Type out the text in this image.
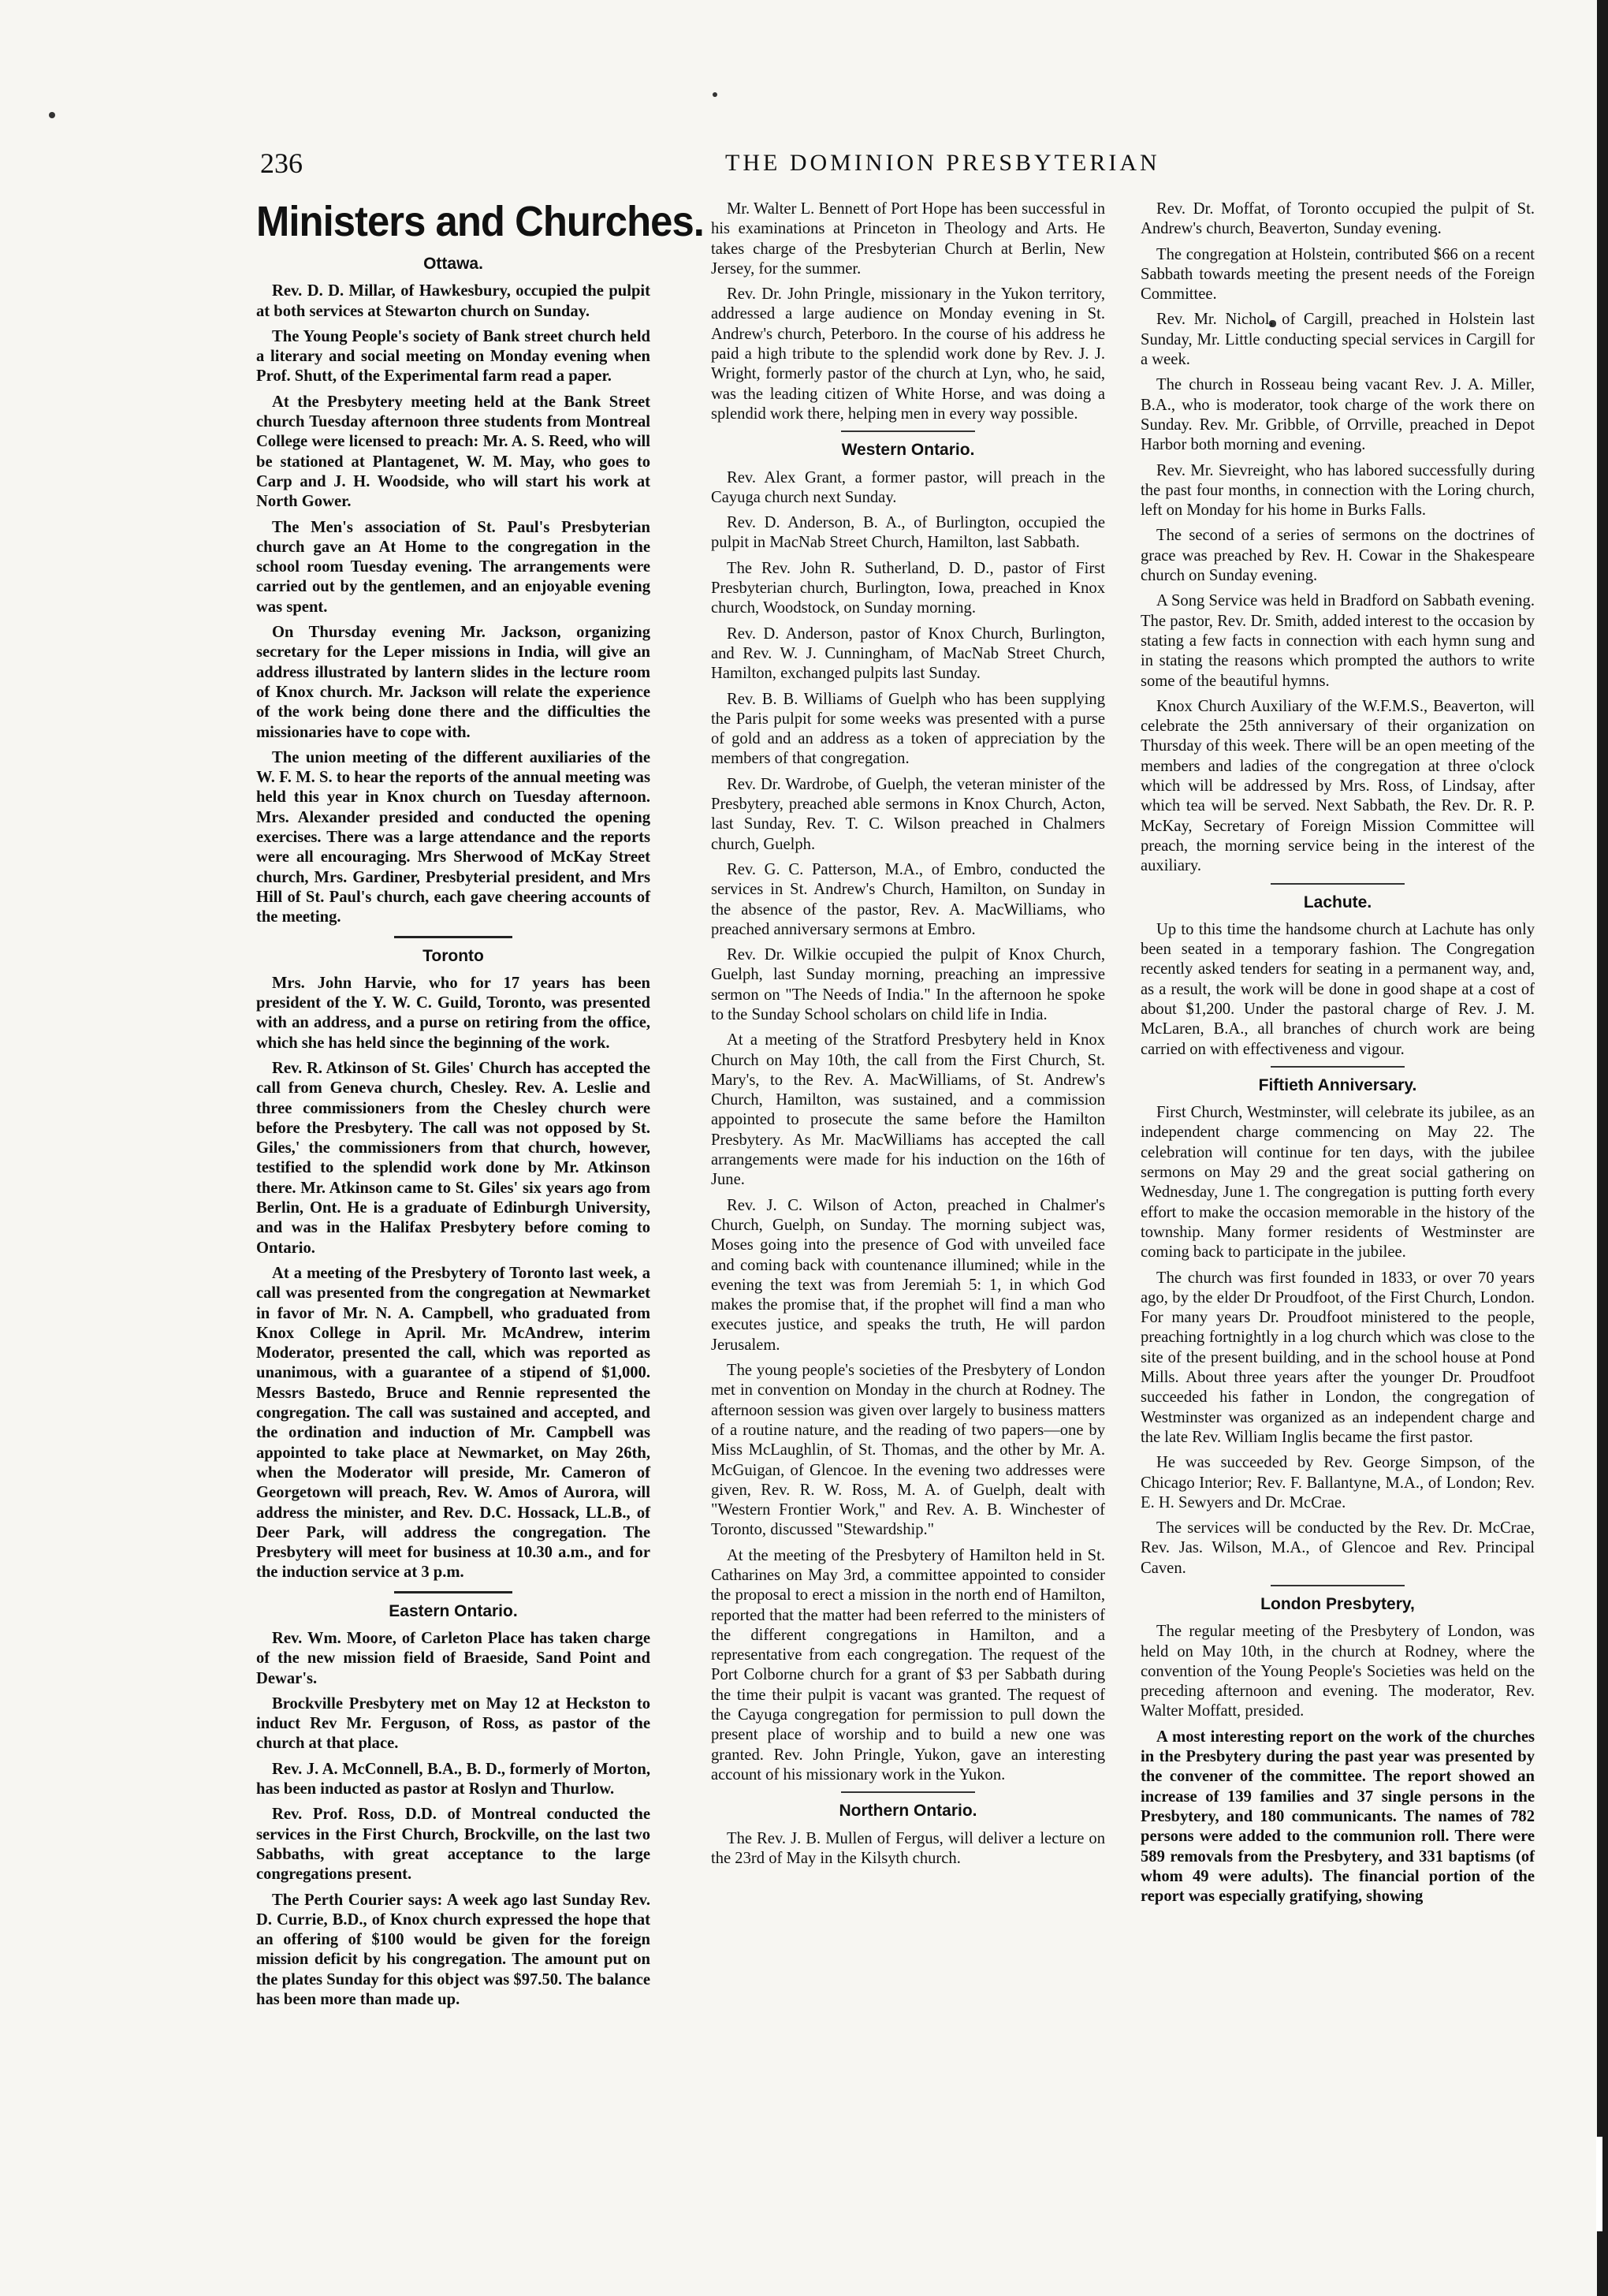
236	THE DOMINION PRESBYTERIAN
Ministers and Churches.
Ottawa.

Rev. D. D. Millar, of Hawkesbury, occupied the pulpit at both services at Stewarton church on Sunday.

The Young People's society of Bank street church held a literary and social meeting on Monday evening when Prof. Shutt, of the Experimental farm read a paper.

At the Presbytery meeting held at the Bank Street church Tuesday afternoon three students from Montreal College were licensed to preach: Mr. A. S. Reed, who will be stationed at Plantagenet, W. M. May, who goes to Carp and J. H. Woodside, who will start his work at North Gower.

The Men's association of St. Paul's Presbyterian church gave an At Home to the congregation in the school room Tuesday evening. The arrangements were carried out by the gentlemen, and an enjoyable evening was spent.

On Thursday evening Mr. Jackson, organizing secretary for the Leper missions in India, will give an address illustrated by lantern slides in the lecture room of Knox church. Mr. Jackson will relate the experience of the work being done there and the difficulties the missionaries have to cope with.

The union meeting of the different auxiliaries of the W. F. M. S. to hear the reports of the annual meeting was held this year in Knox church on Tuesday afternoon. Mrs. Alexander presided and conducted the opening exercises. There was a large attendance and the reports were all encouraging. Mrs Sherwood of McKay Street church, Mrs. Gardiner, Presbyterial president, and Mrs Hill of St. Paul's church, each gave cheering accounts of the meeting.

Toronto

Mrs. John Harvie, who for 17 years has been president of the Y. W. C. Guild, Toronto, was presented with an address, and a purse on retiring from the office, which she has held since the beginning of the work.

Rev. R. Atkinson of St. Giles' Church has accepted the call from Geneva church, Chesley. Rev. A. Leslie and three commissioners from the Chesley church were before the Presbytery. The call was not opposed by St. Giles,' the commissioners from that church, however, testified to the splendid work done by Mr. Atkinson there. Mr. Atkinson came to St. Giles' six years ago from Berlin, Ont. He is a graduate of Edinburgh University, and was in the Halifax Presbytery before coming to Ontario.

At a meeting of the Presbytery of Toronto last week, a call was presented from the congregation at Newmarket in favor of Mr. N. A. Campbell, who graduated from Knox College in April. Mr. McAndrew, interim Moderator, presented the call, which was reported as unanimous, with a guarantee of a stipend of $1,000. Messrs Bastedo, Bruce and Rennie represented the congregation. The call was sustained and accepted, and the ordination and induction of Mr. Campbell was appointed to take place at Newmarket, on May 26th, when the Moderator will preside, Mr. Cameron of Georgetown will preach, Rev. W. Amos of Aurora, will address the minister, and Rev. D.C. Hossack, LL.B., of Deer Park, will address the congregation. The Presbytery will meet for business at 10.30 a.m., and for the induction service at 3 p.m.

Eastern Ontario.

Rev. Wm. Moore, of Carleton Place has taken charge of the new mission field of Braeside, Sand Point and Dewar's.

Brockville Presbytery met on May 12 at Heckston to induct Rev Mr. Ferguson, of Ross, as pastor of the church at that place.

Rev. J. A. McConnell, B.A., B. D., formerly of Morton, has been inducted as pastor at Roslyn and Thurlow.

Rev. Prof. Ross, D.D. of Montreal conducted the services in the First Church, Brockville, on the last two Sabbaths, with great acceptance to the large congregations present.

The Perth Courier says: A week ago last Sunday Rev. D. Currie, B.D., of Knox church expressed the hope that an offering of $100 would be given for the foreign mission deficit by his congregation. The amount put on the plates Sunday for this object was $97.50. The balance has been more than made up.

Mr. Walter L. Bennett of Port Hope has been successful in his examinations at Princeton in Theology and Arts. He takes charge of the Presbyterian Church at Berlin, New Jersey, for the summer.

Rev. Dr. John Pringle, missionary in the Yukon territory, addressed a large audience on Monday evening in St. Andrew's church, Peterboro. In the course of his address he paid a high tribute to the splendid work done by Rev. J. J. Wright, formerly pastor of the church at Lyn, who, he said, was the leading citizen of White Horse, and was doing a splendid work there, helping men in every way possible.

Western Ontario.

Rev. Alex Grant, a former pastor, will preach in the Cayuga church next Sunday.

Rev. D. Anderson, B. A., of Burlington, occupied the pulpit in MacNab Street Church, Hamilton, last Sabbath.

The Rev. John R. Sutherland, D. D., pastor of First Presbyterian church, Burlington, Iowa, preached in Knox church, Woodstock, on Sunday morning.

Rev. D. Anderson, pastor of Knox Church, Burlington, and Rev. W. J. Cunningham, of MacNab Street Church, Hamilton, exchanged pulpits last Sunday.

Rev. B. B. Williams of Guelph who has been supplying the Paris pulpit for some weeks was presented with a purse of gold and an address as a token of appreciation by the members of that congregation.

Rev. Dr. Wardrobe, of Guelph, the veteran minister of the Presbytery, preached able sermons in Knox Church, Acton, last Sunday, Rev. T. C. Wilson preached in Chalmers church, Guelph.

Rev. G. C. Patterson, M.A., of Embro, conducted the services in St. Andrew's Church, Hamilton, on Sunday in the absence of the pastor, Rev. A. MacWilliams, who preached anniversary sermons at Embro.

Rev. Dr. Wilkie occupied the pulpit of Knox Church, Guelph, last Sunday morning, preaching an impressive sermon on "The Needs of India." In the afternoon he spoke to the Sunday School scholars on child life in India.

At a meeting of the Stratford Presbytery held in Knox Church on May 10th, the call from the First Church, St. Mary's, to the Rev. A. MacWilliams, of St. Andrew's Church, Hamilton, was sustained, and a commission appointed to prosecute the same before the Hamilton Presbytery. As Mr. MacWilliams has accepted the call arrangements were made for his induction on the 16th of June.

Rev. J. C. Wilson of Acton, preached in Chalmer's Church, Guelph, on Sunday. The morning subject was, Moses going into the presence of God with unveiled face and coming back with countenance illumined; while in the evening the text was from Jeremiah 5: 1, in which God makes the promise that, if the prophet will find a man who executes justice, and speaks the truth, He will pardon Jerusalem.

The young people's societies of the Presbytery of London met in convention on Monday in the church at Rodney. The afternoon session was given over largely to business matters of a routine nature, and the reading of two papers—one by Miss McLaughlin, of St. Thomas, and the other by Mr. A. McGuigan, of Glencoe. In the evening two addresses were given, Rev. R. W. Ross, M. A. of Guelph, dealt with "Western Frontier Work," and Rev. A. B. Winchester of Toronto, discussed "Stewardship."

At the meeting of the Presbytery of Hamilton held in St. Catharines on May 3rd, a committee appointed to consider the proposal to erect a mission in the north end of Hamilton, reported that the matter had been referred to the ministers of the different congregations in Hamilton, and a representative from each congregation. The request of the Port Colborne church for a grant of $3 per Sabbath during the time their pulpit is vacant was granted. The request of the Cayuga congregation for permission to pull down the present place of worship and to build a new one was granted. Rev. John Pringle, Yukon, gave an interesting account of his missionary work in the Yukon.

Northern Ontario.

The Rev. J. B. Mullen of Fergus, will deliver a lecture on the 23rd of May in the Kilsyth church.

Rev. Dr. Moffat, of Toronto occupied the pulpit of St. Andrew's church, Beaverton, Sunday evening.

The congregation at Holstein, contributed $66 on a recent Sabbath towards meeting the present needs of the Foreign Committee.

Rev. Mr. Nichol, of Cargill, preached in Holstein last Sunday, Mr. Little conducting special services in Cargill for a week.

The church in Rosseau being vacant Rev. J. A. Miller, B.A., who is moderator, took charge of the work there on Sunday. Rev. Mr. Gribble, of Orrville, preached in Depot Harbor both morning and evening.

Rev. Mr. Sievreight, who has labored successfully during the past four months, in connection with the Loring church, left on Monday for his home in Burks Falls.

The second of a series of sermons on the doctrines of grace was preached by Rev. H. Cowar in the Shakespeare church on Sunday evening.

A Song Service was held in Bradford on Sabbath evening. The pastor, Rev. Dr. Smith, added interest to the occasion by stating a few facts in connection with each hymn sung and in stating the reasons which prompted the authors to write some of the beautiful hymns.

Knox Church Auxiliary of the W.F.M.S., Beaverton, will celebrate the 25th anniversary of their organization on Thursday of this week. There will be an open meeting of the members and ladies of the congregation at three o'clock which will be addressed by Mrs. Ross, of Lindsay, after which tea will be served. Next Sabbath, the Rev. Dr. R. P. McKay, Secretary of Foreign Mission Committee will preach, the morning service being in the interest of the auxiliary.

Lachute.

Up to this time the handsome church at Lachute has only been seated in a temporary fashion. The Congregation recently asked tenders for seating in a permanent way, and, as a result, the work will be done in good shape at a cost of about $1,200. Under the pastoral charge of Rev. J. M. McLaren, B.A., all branches of church work are being carried on with effectiveness and vigour.

Fiftieth Anniversary.

First Church, Westminster, will celebrate its jubilee, as an independent charge commencing on May 22. The celebration will continue for ten days, with the jubilee sermons on May 29 and the great social gathering on Wednesday, June 1. The congregation is putting forth every effort to make the occasion memorable in the history of the township. Many former residents of Westminster are coming back to participate in the jubilee.

The church was first founded in 1833, or over 70 years ago, by the elder Dr Proudfoot, of the First Church, London. For many years Dr. Proudfoot ministered to the people, preaching fortnightly in a log church which was close to the site of the present building, and in the school house at Pond Mills. About three years after the younger Dr. Proudfoot succeeded his father in London, the congregation of Westminster was organized as an independent charge and the late Rev. William Inglis became the first pastor.

He was succeeded by Rev. George Simpson, of the Chicago Interior; Rev. F. Ballantyne, M.A., of London; Rev. E. H. Sewyers and Dr. McCrae.

The services will be conducted by the Rev. Dr. McCrae, Rev. Jas. Wilson, M.A., of Glencoe and Rev. Principal Caven.

London Presbytery,

The regular meeting of the Presbytery of London, was held on May 10th, in the church at Rodney, where the convention of the Young People's Societies was held on the preceding afternoon and evening. The moderator, Rev. Walter Moffatt, presided.

A most interesting report on the work of the churches in the Presbytery during the past year was presented by the convener of the committee. The report showed an increase of 139 families and 37 single persons in the Presbytery, and 180 communicants. The names of 782 persons were added to the communion roll. There were 589 removals from the Presbytery, and 331 baptisms (of whom 49 were adults). The financial portion of the report was especially gratifying, showing
